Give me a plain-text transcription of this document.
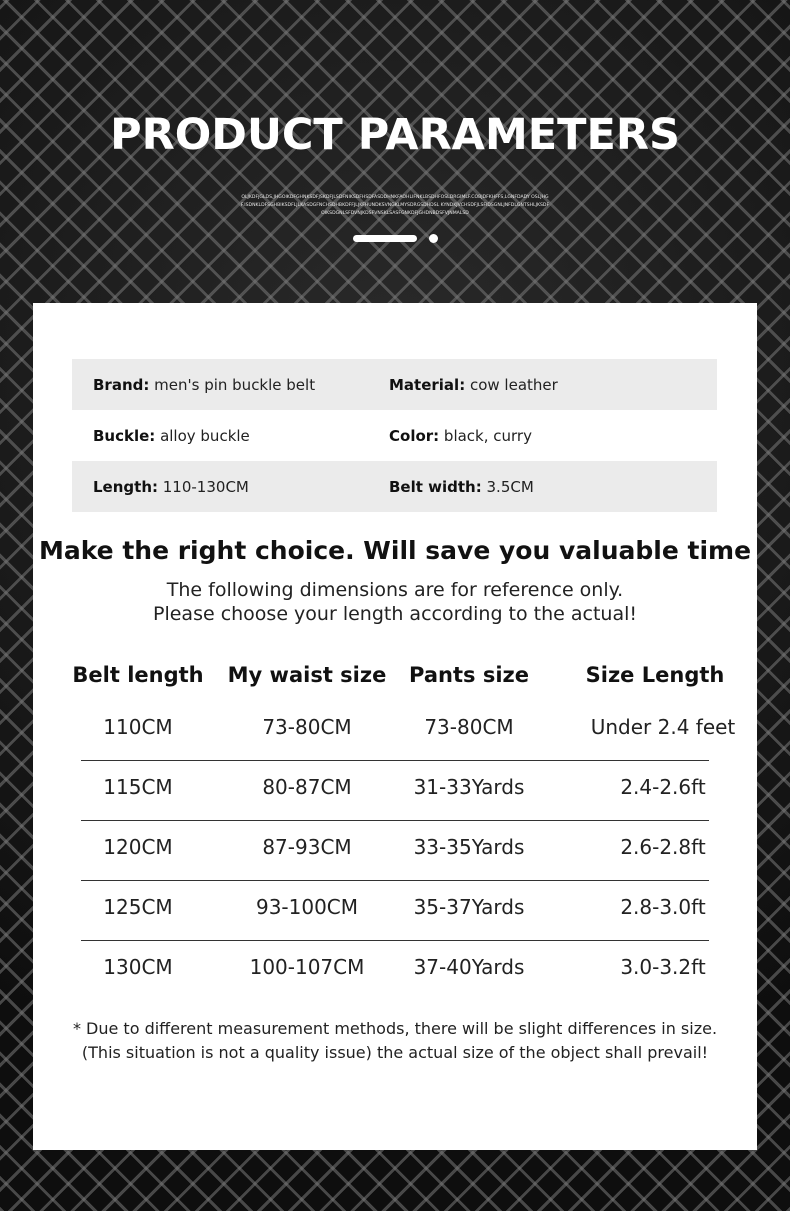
PRODUCT PARAMETERS
OLJKDFJGLDS,JHGOIKDFGHNKSDFJSKDFJLSDFNIKSDFHSDFASDDHNKFAOHLIFNKLBSDHFOSLDRGIMLF.COBJDFKHFFS,LGNFDADY OSLJHGF.ISDNKLDFSGHBIKSDFLJLKASDGFNCHSDHBKDFFJLJKFHUNDKSVNGKLMYSDRGSDHDSL KYNDKJVCHSDFJLSFIDSGNLJNFDLGNTSHLJKSDFOIKSDGNLSFDVNJKDSFVNSKLSASFGNKDFJGHDNBDSFVJNMALSD
Brand: men's pin buckle belt	Material: cow leather
Buckle: alloy buckle	Color: black, curry
Length: 110-130CM	Belt width: 3.5CM
Make the right choice. Will save you valuable time
The following dimensions are for reference only.
Please choose your length according to the actual!
Belt length	My waist size	Pants size	Size Length
110CM	73-80CM	73-80CM	Under 2.4 feet
115CM	80-87CM	31-33Yards	2.4-2.6ft
120CM	87-93CM	33-35Yards	2.6-2.8ft
125CM	93-100CM	35-37Yards	2.8-3.0ft
130CM	100-107CM	37-40Yards	3.0-3.2ft
* Due to different measurement methods, there will be slight differences in size.
(This situation is not a quality issue) the actual size of the object shall prevail!
